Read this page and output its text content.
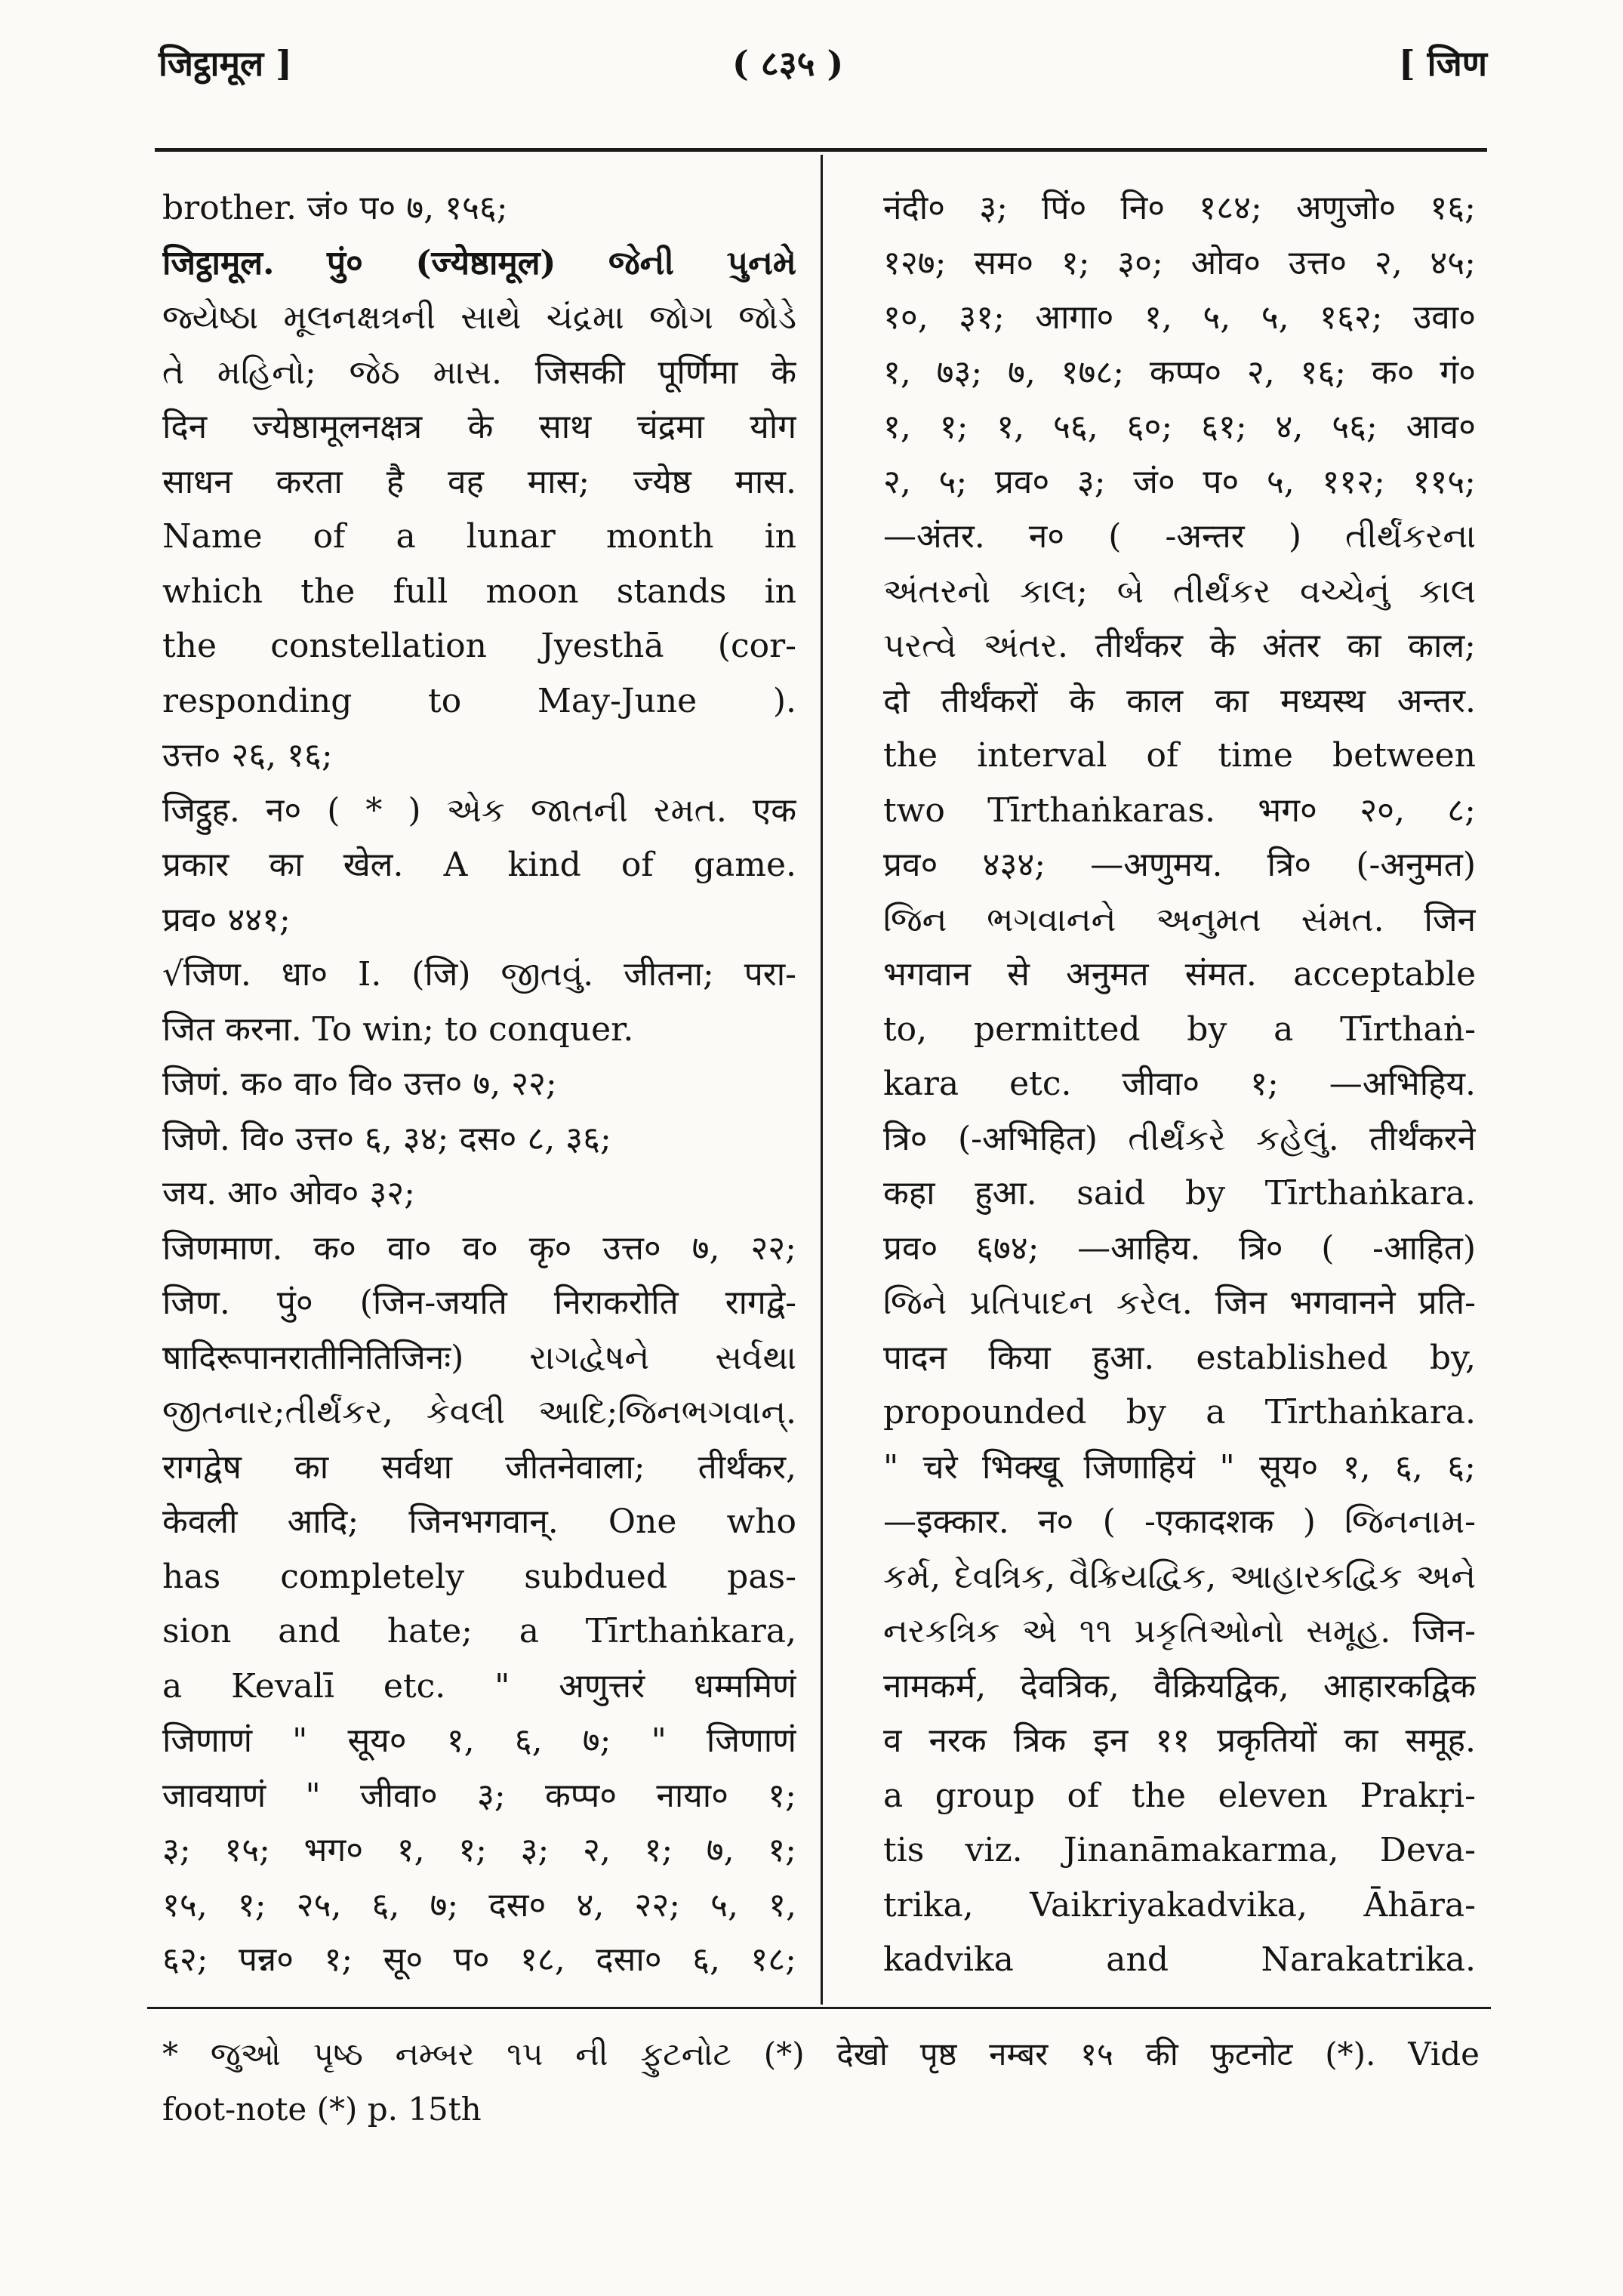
जिट्ठामूल ]	( ८३५ )	[ जिण
brother. जं० प० ७, १५६;
जिट्ठामूल. पुं० (ज्येष्ठामूल) જેની પુનમે
જ્યેષ્ઠા મૂલનક્ષત્રની સાથે ચંદ્રમા જોગ જોડે
તે મહિનો; જેઠ માસ. जिसकी पूर्णिमा के
दिन ज्येष्ठामूलनक्षत्र के साथ चंद्रमा योग
साधन करता है वह मास; ज्येष्ठ मास.
Name of a lunar month in
which the full moon stands in
the constellation Jyesthā (cor-
responding to May-June ).
उत्त० २६, १६;
जिट्ठुह. न० ( * ) એક જાતની રમત. एक
प्रकार का खेल. A kind of game.
प्रव० ४४१;
√जिण. धा० I. (जि) જીતવું. जीतना; परा-
जित करना. To win; to conquer.
जिणं. क० वा० वि० उत्त० ७, २२;
जिणे. वि० उत्त० ६, ३४; दस० ८, ३६;
जय. आ० ओव० ३२;
जिणमाण. क० वा० व० कृ० उत्त० ७, २२;
जिण. पुं० (जिन-जयति निराकरोति रागद्वे-
षादिरूपानरातीनितिजिनः) રાગદ્વેષને સર્વથા
જીતનાર;તીર્થંકર, કેવલી આદિ;જિનભગવાન્.
रागद्वेष का सर्वथा जीतनेवाला; तीर्थंकर,
केवली आदि; जिनभगवान्. One who
has completely subdued pas-
sion and hate; a Tīrthaṅkara,
a Kevalī etc. " अणुत्तरं धम्ममिणं
जिणाणं " सूय० १, ६, ७; " जिणाणं
जावयाणं " जीवा० ३; कप्प० नाया० १;
३; १५; भग० १, १; ३; २, १; ७, १;
१५, १; २५, ६, ७; दस० ४, २२; ५, १,
६२; पन्न० १; सू० प० १८, दसा० ६, १८;
नंदी० ३; पिं० नि० १८४; अणुजो० १६;
१२७; सम० १; ३०; ओव० उत्त० २, ४५;
१०, ३१; आगा० १, ५, ५, १६२; उवा०
१, ७३; ७, १७८; कप्प० २, १६; क० गं०
१, १; १, ५६, ६०; ६१; ४, ५६; आव०
२, ५; प्रव० ३; जं० प० ५, ११२; ११५;
—अंतर. न० ( -अन्तर ) તીર્થંકરના
અંતરનો કાલ; બે તીર્થંકર વચ્ચેનું કાલ
પરત્વે અંતર. तीर्थंकर के अंतर का काल;
दो तीर्थंकरों के काल का मध्यस्थ अन्तर.
the interval of time between
two Tīrthaṅkaras. भग० २०, ८;
प्रव० ४३४; —अणुमय. त्रि० (-अनुमत)
જિન ભગવાનને અનુમત સંમત. जिन
भगवान से अनुमत संमत. acceptable
to, permitted by a Tīrthaṅ-
kara etc. जीवा० १; —अभिहिय.
त्रि० (-अभिहित) તીર્થંકરે કહેલું. तीर्थंकरने
कहा हुआ. said by Tīrthaṅkara.
प्रव० ६७४; —आहिय. त्रि० ( -आहित)
જિને પ્રતિપાદન કરેલ. जिन भगवानने प्रति-
पादन किया हुआ. established by,
propounded by a Tīrthaṅkara.
" चरे भिक्खू जिणाहियं " सूय० १, ६, ६;
—इक्कार. न० ( -एकादशक ) જિનનામ-
કર્મ, દેવત્રિક, વૈક્રિયદ્વિક, આહારકદ્વિક અને
નરકત્રિક એ ૧૧ પ્રકૃતિઓનો સમૂહ. जिन-
नामकर्म, देवत्रिक, वैक्रियद्विक, आहारकद्विक
व नरक त्रिक इन ११ प्रकृतियों का समूह.
a group of the eleven Prakṛi-
tis viz. Jinanāmakarma, Deva-
trika, Vaikriyakadvika, Āhāra-
kadvika and Narakatrika.
* જુઓ પૃષ્ઠ નમ્બર ૧૫ ની ફુટનોટ (*) देखो पृष्ठ नम्बर १५ की फुटनोट (*). Vide
foot-note (*) p. 15th
